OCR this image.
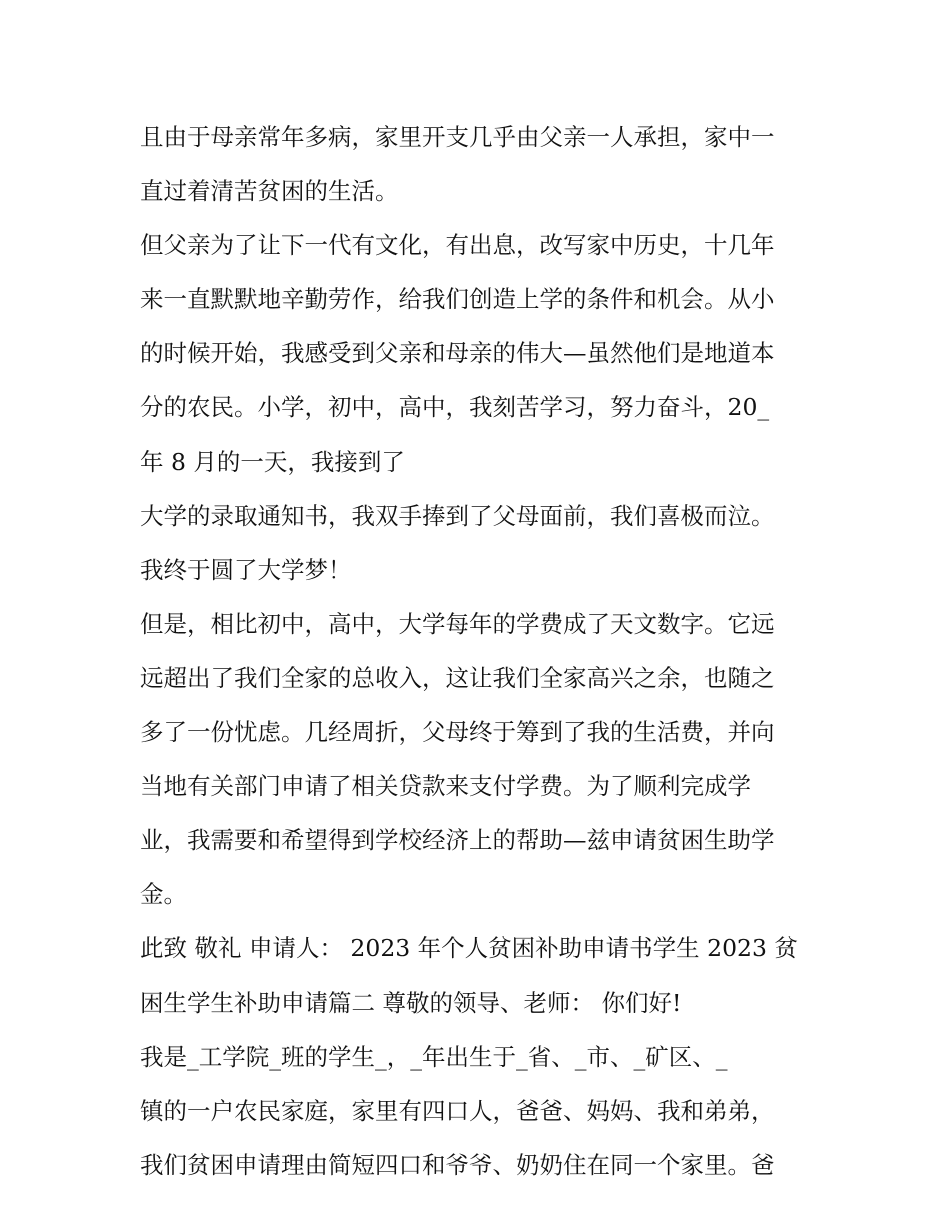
且由于母亲常年多病，家里开支几乎由父亲一人承担，家中一
直过着清苦贫困的生活。
但父亲为了让下一代有文化，有出息，改写家中历史，十几年
来一直默默地辛勤劳作，给我们创造上学的条件和机会。从小
的时候开始，我感受到父亲和母亲的伟大—虽然他们是地道本
分的农民。小学，初中，高中，我刻苦学习，努力奋斗，20_
年 8 月的一天，我接到了
大学的录取通知书，我双手捧到了父母面前，我们喜极而泣。
我终于圆了大学梦！
但是，相比初中，高中，大学每年的学费成了天文数字。它远
远超出了我们全家的总收入，这让我们全家高兴之余，也随之
多了一份忧虑。几经周折，父母终于筹到了我的生活费，并向
当地有关部门申请了相关贷款来支付学费。为了顺利完成学
业，我需要和希望得到学校经济上的帮助—兹申请贫困生助学
金。
此致 敬礼 申请人： 2023 年个人贫困补助申请书学生 2023 贫
困生学生补助申请篇二 尊敬的领导、老师： 你们好!
我是_工学院_班的学生_，_年出生于_省、_市、_矿区、_
镇的一户农民家庭，家里有四口人，爸爸、妈妈、我和弟弟，
我们贫困申请理由简短四口和爷爷、奶奶住在同一个家里。爸
